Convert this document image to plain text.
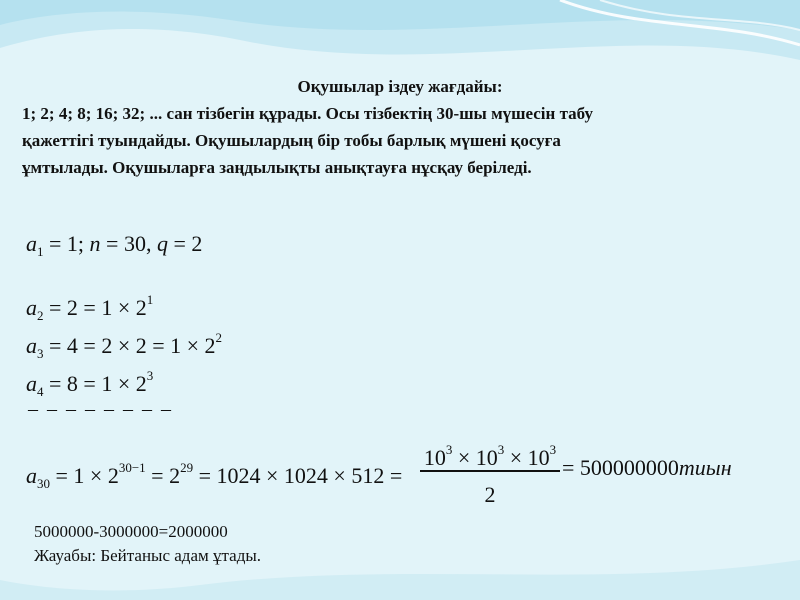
Оқушылар іздеу жағдайы:
1; 2; 4; 8; 16; 32; ... сан тізбегін құрады. Осы тізбектің 30-шы мүшесін табу
қажеттігі туындайды. Оқушылардың бір тобы барлық мүшені қосуға
ұмтылады. Оқушыларға заңдылықты анықтауға нұсқау беріледі.
$a_1 = 1$; n = 30, q = 2
$a_2 = 2 = 1 \times 2^1$
$a_3 = 4 = 2 \times 2 = 1 \times 2^2$
$a_4 = 8 = 1 \times 2^3$
– – – – – – – –
$a_{30} = 1 \times 2^{30-1} = 2^{29} = 1024 \times 1024 \times 512$ =
$10^3 \times 10^3 \times 10^3$
2
= 500000000тиын
5000000-3000000=2000000
Жауабы: Бейтаныс адам ұтады.
